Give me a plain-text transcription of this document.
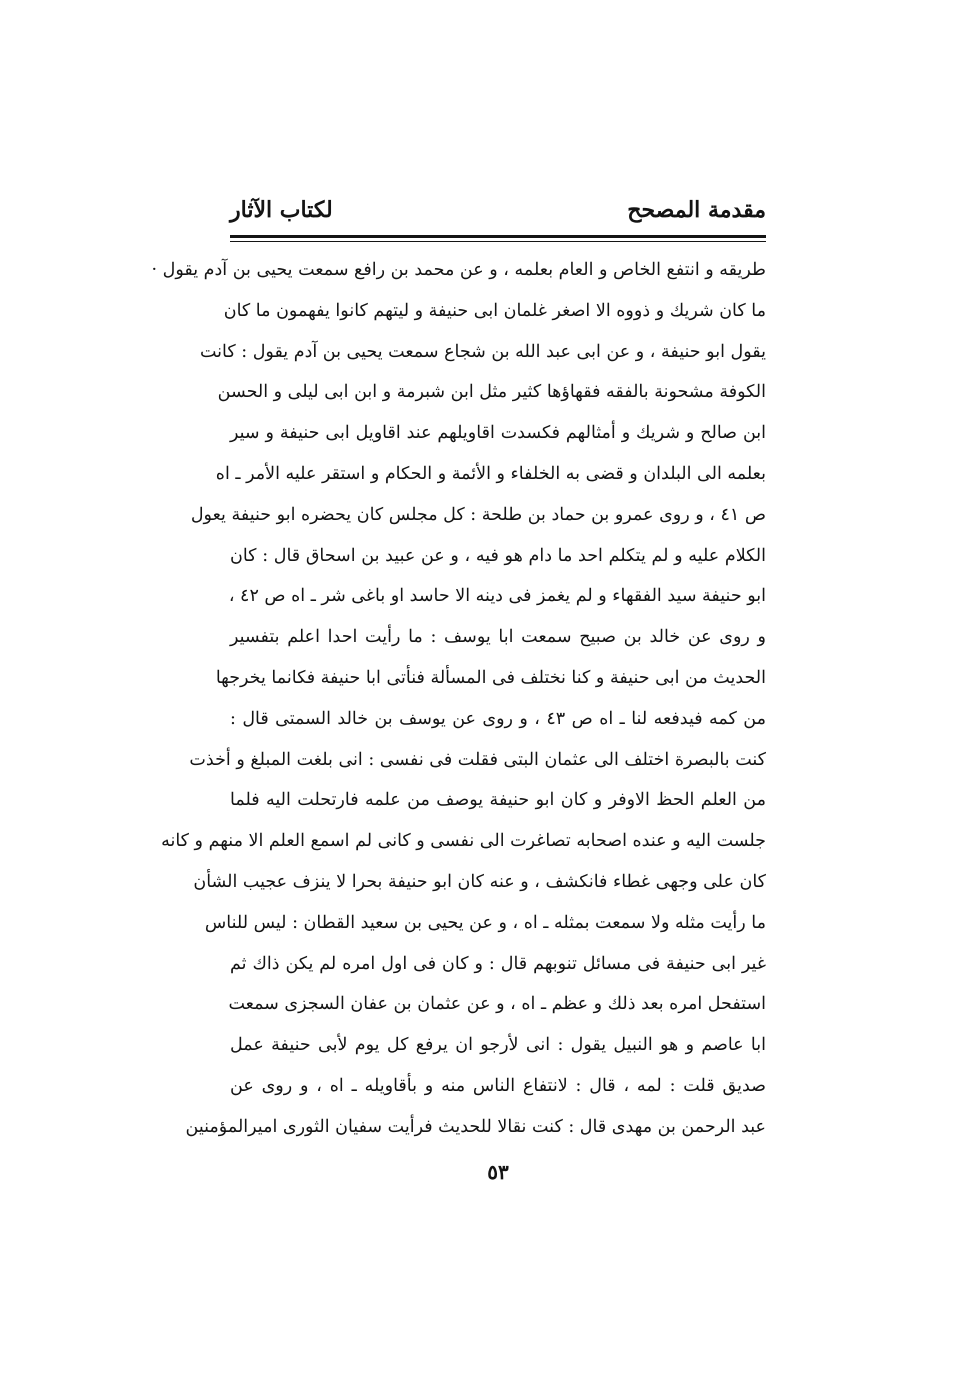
مقدمة المصحح
لكتاب الآثار
طريقه و انتفع الخاص و العام بعلمه ، و عن محمد بن رافع سمعت يحيى بن آدم يقول ·
ما كان شريك و ذووه الا اصغر غلمان ابى حنيفة و ليتهم كانوا يفهمون ما كان
يقول ابو حنيفة ، و عن ابى عبد الله بن شجاع سمعت يحيى بن آدم يقول : كانت
الكوفة مشحونة بالفقه فقهاؤها كثير مثل ابن شبرمة و ابن ابى ليلى و الحسن
ابن صالح و شريك و أمثالهم فكسدت اقاويلهم عند اقاويل ابى حنيفة و سير
بعلمه الى البلدان و قضى به الخلفاء و الأئمة و الحكام و استقر عليه الأمر ـ اه
ص ٤١ ، و روى عمرو بن حماد بن طلحة : كل مجلس كان يحضره ابو حنيفة يعول
الكلام عليه و لم يتكلم احد ما دام هو فيه ، و عن عبيد بن اسحاق قال : كان
ابو حنيفة سيد الفقهاء و لم يغمز فى دينه الا حاسد او باغى شر ـ اه ص ٤٢ ،
و روى عن خالد بن صبيح سمعت ابا يوسف : ما رأيت احدا اعلم بتفسير
الحديث من ابى حنيفة و كنا نختلف فى المسألة فنأتى ابا حنيفة فكانما يخرجها
من كمه فيدفعه لنا ـ اه ص ٤٣ ، و روى عن يوسف بن خالد السمتى قال :
كنت بالبصرة اختلف الى عثمان البتى فقلت فى نفسى : انى بلغت المبلغ و أخذت
من العلم الحظ الاوفر و كان ابو حنيفة يوصف من علمه فارتحلت اليه فلما
جلست اليه و عنده اصحابه تصاغرت الى نفسى و كانى لم اسمع العلم الا منهم و كانه
كان على وجهى غطاء فانكشف ، و عنه كان ابو حنيفة بحرا لا ينزف عجيب الشأن
ما رأيت مثله ولا سمعت بمثله ـ اه ، و عن يحيى بن سعيد القطان : ليس للناس
غير ابى حنيفة فى مسائل تنوبهم قال : و كان فى اول امره لم يكن ذاك ثم
استفحل امره بعد ذلك و عظم ـ اه ، و عن عثمان بن عفان السجزى سمعت
ابا عاصم و هو النبيل يقول : انى لأرجو ان يرفع كل يوم لأبى حنيفة عمل
صديق قلت : لمه ، قال : لانتفاع الناس منه و بأقاويله ـ اه ، و روى عن
عبد الرحمن بن مهدى قال : كنت نقالا للحديث فرأيت سفيان الثورى اميرالمؤمنين
٥٣
